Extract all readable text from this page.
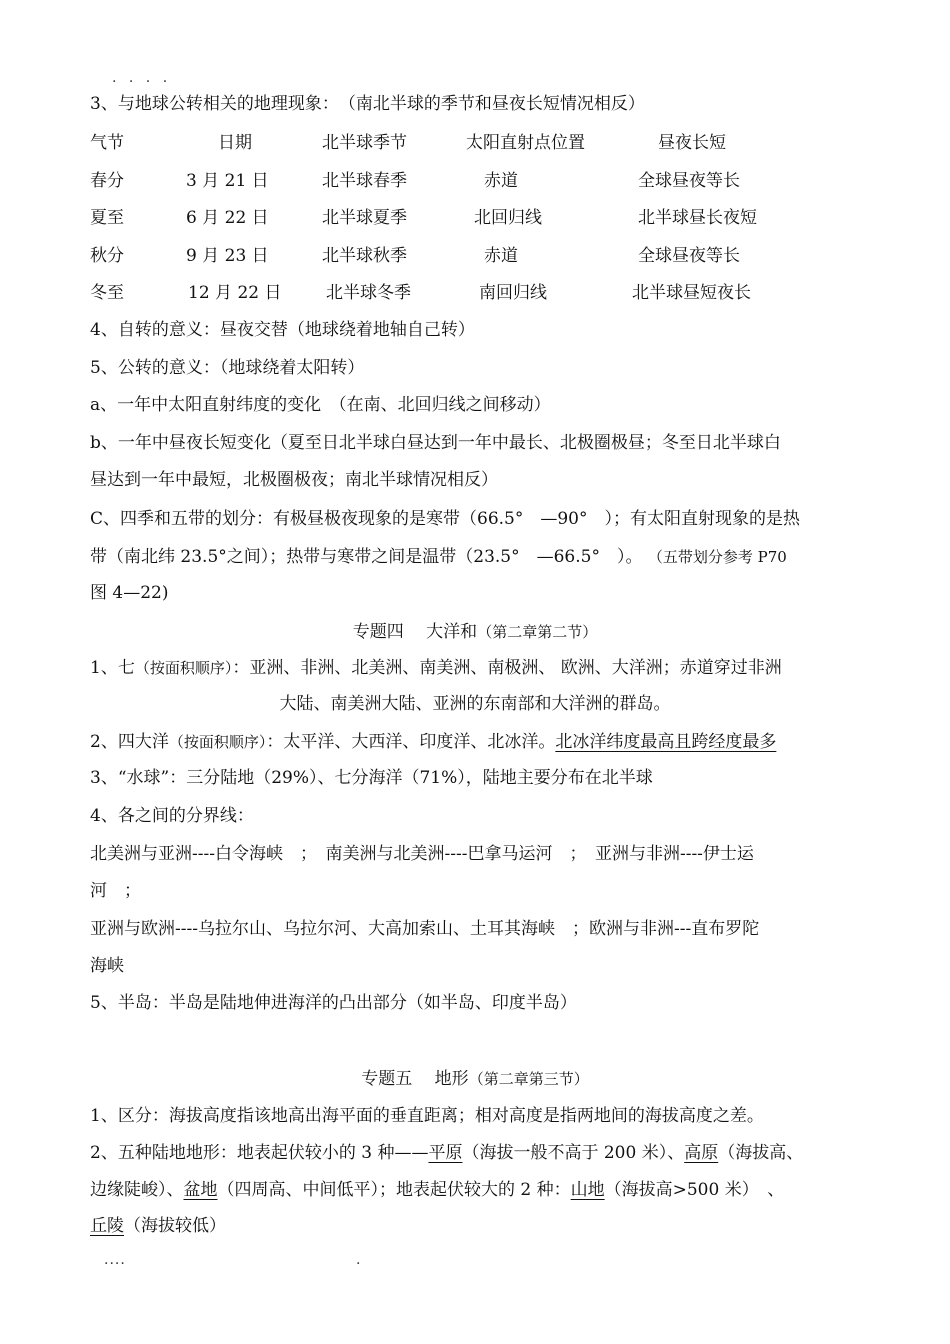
. . . .
3、与地球公转相关的地理现象：　（南北半球的季节和昼夜长短情况相反）
气节	日期	北半球季节	太阳直射点位置	昼夜长短
春分	3 月 21 日	北半球春季	赤道	全球昼夜等长
夏至	6 月 22 日	北半球夏季	北回归线	北半球昼长夜短
秋分	9 月 23 日	北半球秋季	赤道	全球昼夜等长
冬至	12 月 22 日	北半球冬季	南回归线	北半球昼短夜长
4、自转的意义：昼夜交替（地球绕着地轴自己转）
5、公转的意义：（地球绕着太阳转）
a、一年中太阳直射纬度的变化　（在南、北回归线之间移动）
b、一年中昼夜长短变化（夏至日北半球白昼达到一年中最长、北极圈极昼；冬至日北半球白
昼达到一年中最短，北极圈极夜；南北半球情况相反）
C、四季和五带的划分：有极昼极夜现象的是寒带（66.5°　—90°　）；有太阳直射现象的是热
带（南北纬 23.5°之间）；热带与寒带之间是温带（23.5°　—66.5°　）。 （五带划分参考 P70
图 4—22)
专题四　 大洋和（第二章第二节）
1、七（按面积顺序）：亚洲、非洲、北美洲、南美洲、南极洲、 欧洲、大洋洲；赤道穿过非洲
大陆、南美洲大陆、亚洲的东南部和大洋洲的群岛。
2、四大洋（按面积顺序）：太平洋、大西洋、印度洋、北冰洋。北冰洋纬度最高且跨经度最多
3、“水球”：三分陆地（29%）、七分海洋（71%），陆地主要分布在北半球
4、各之间的分界线：
北美洲与亚洲----白令海峡　；　南美洲与北美洲----巴拿马运河　；　亚洲与非洲----伊士运
河　；
亚洲与欧洲----乌拉尔山、乌拉尔河、大高加索山、土耳其海峡　；欧洲与非洲---直布罗陀
海峡
5、半岛：半岛是陆地伸进海洋的凸出部分（如半岛、印度半岛）
专题五　 地形（第二章第三节）
1、区分：海拔高度指该地高出海平面的垂直距离；相对高度是指两地间的海拔高度之差。
2、五种陆地地形：地表起伏较小的 3 种——平原（海拔一般不高于 200 米）、高原（海拔高、
边缘陡峻）、盆地（四周高、中间低平）；地表起伏较大的 2 种：山地（海拔高>500 米）　、
丘陵（海拔较低）
....	.
